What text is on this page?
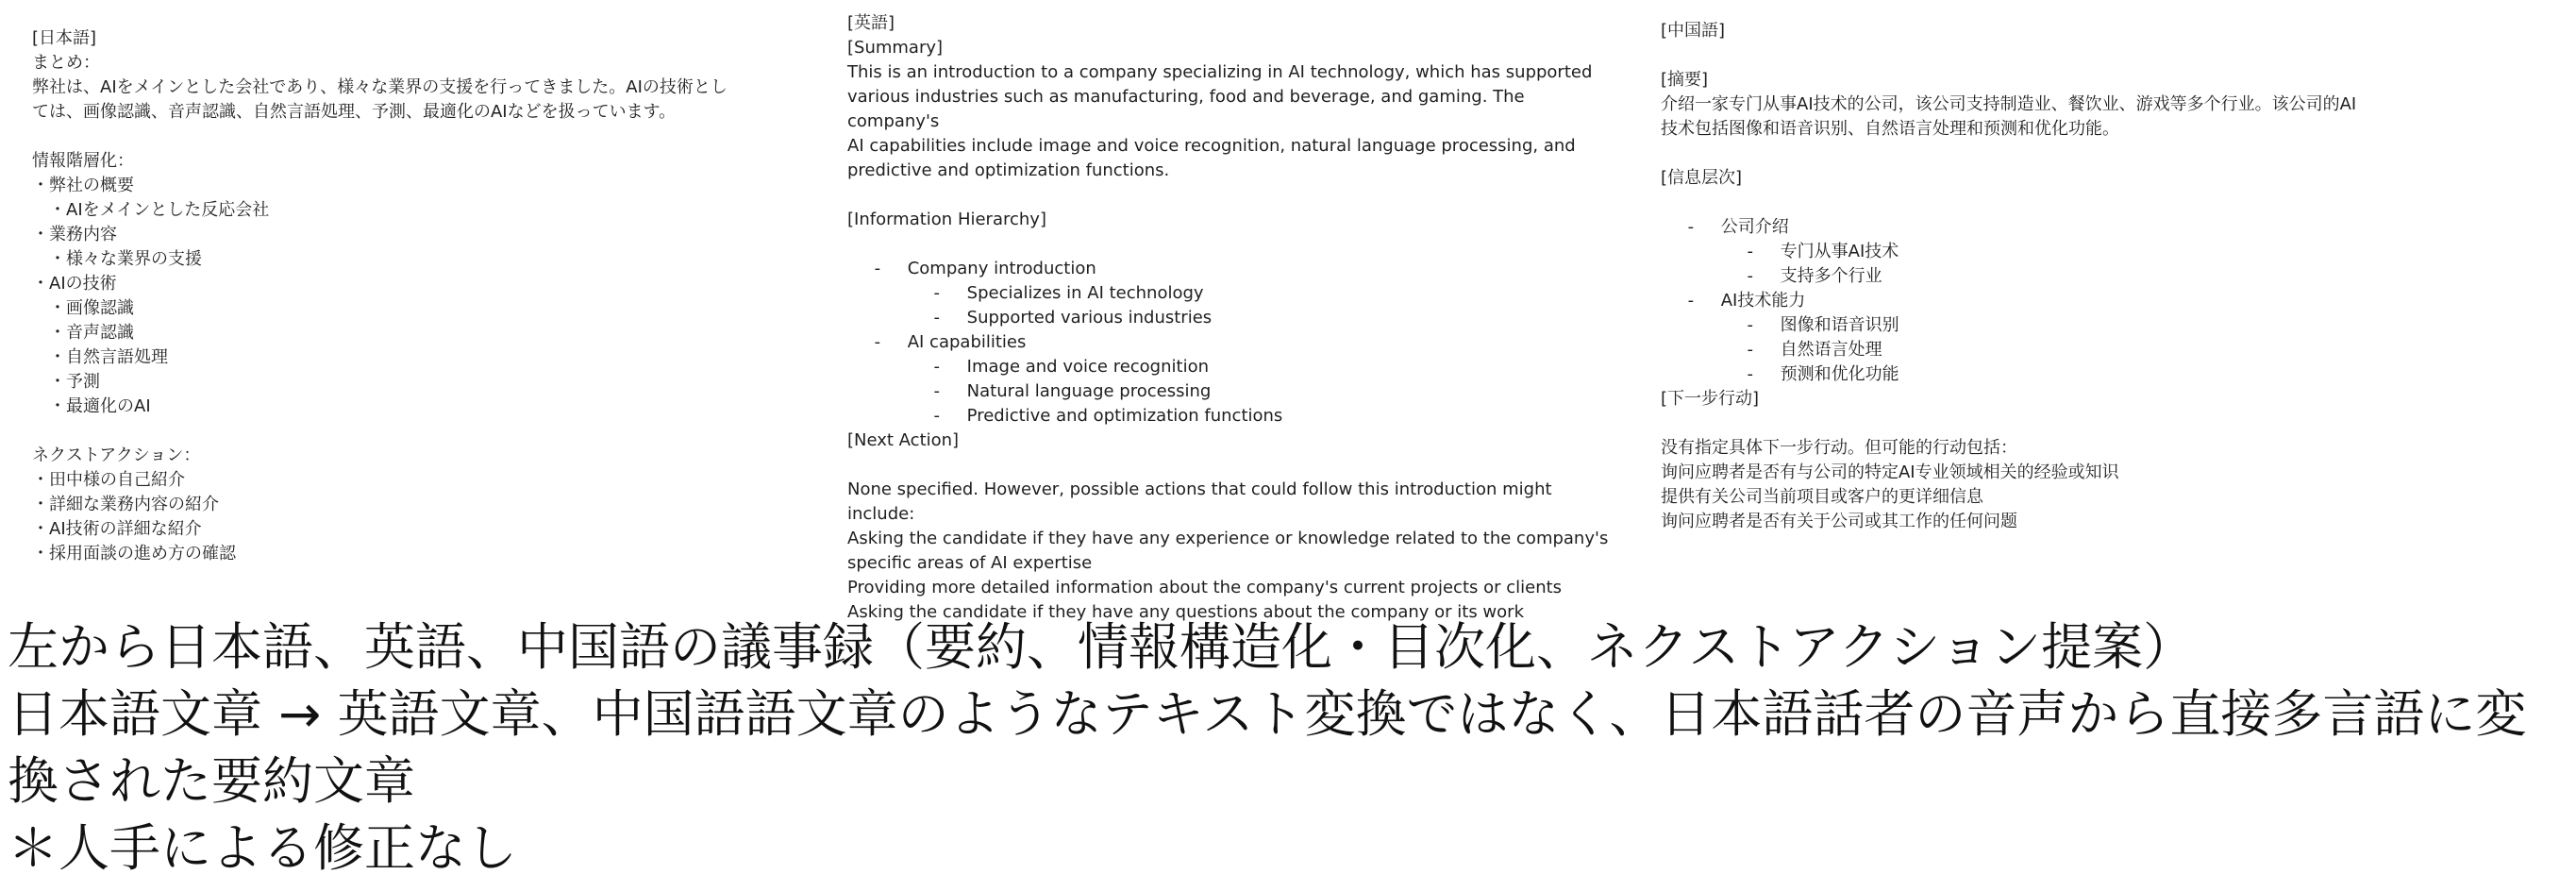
[日本語]
まとめ：
弊社は、AIをメインとした会社であり、様々な業界の支援を行ってきました。AIの技術とし
ては、画像認識、音声認識、自然言語処理、予測、最適化のAIなどを扱っています。
情報階層化：
・弊社の概要
　・AIをメインとした反応会社
・業務内容
　・様々な業界の支援
・AIの技術
　・画像認識
　・音声認識
　・自然言語処理
　・予測
　・最適化のAI
ネクストアクション：
・田中様の自己紹介
・詳細な業務内容の紹介
・AI技術の詳細な紹介
・採用面談の進め方の確認
[英語]
[Summary]
This is an introduction to a company specializing in AI technology, which has supported
various industries such as manufacturing, food and beverage, and gaming. The company's
AI capabilities include image and voice recognition, natural language processing, and
predictive and optimization functions.
[Information Hierarchy]
-     Company introduction
-     Specializes in AI technology
-     Supported various industries
-     AI capabilities
-     Image and voice recognition
-     Natural language processing
-     Predictive and optimization functions
[Next Action]
None specified. However, possible actions that could follow this introduction might include:
Asking the candidate if they have any experience or knowledge related to the company's
specific areas of AI expertise
Providing more detailed information about the company's current projects or clients
Asking the candidate if they have any questions about the company or its work
[中国語]
[摘要]
介绍一家专门从事AI技术的公司，该公司支持制造业、餐饮业、游戏等多个行业。该公司的AI
技术包括图像和语音识别、自然语言处理和预测和优化功能。
[信息层次]
-     公司介绍
-     专门从事AI技术
-     支持多个行业
-     AI技术能力
-     图像和语音识别
-     自然语言处理
-     预测和优化功能
[下一步行动]
没有指定具体下一步行动。但可能的行动包括：
询问应聘者是否有与公司的特定AI专业领域相关的经验或知识
提供有关公司当前项目或客户的更详细信息
询问应聘者是否有关于公司或其工作的任何问题
左から日本語、英語、中国語の議事録（要約、情報構造化・目次化、ネクストアクション提案）
日本語文章 → 英語文章、中国語語文章のようなテキスト変換ではなく、日本語話者の音声から直接多言語に変
換された要約文章
＊人手による修正なし
